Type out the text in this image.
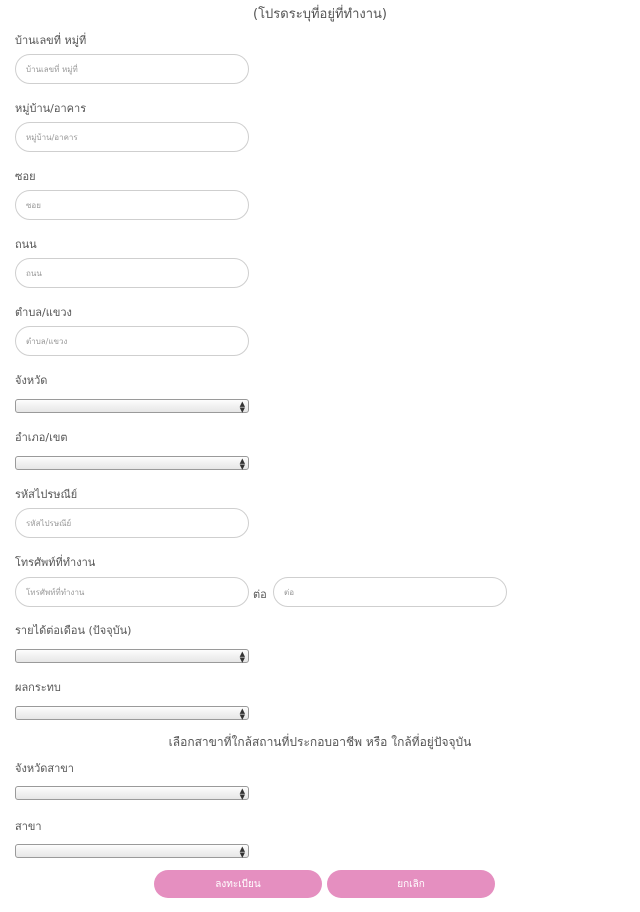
(โปรดระบุที่อยู่ที่ทำงาน)
บ้านเลขที่ หมู่ที่
บ้านเลขที่ หมู่ที่
หมู่บ้าน/อาคาร
หมู่บ้าน/อาคาร
ซอย
ซอย
ถนน
ถนน
ตำบล/แขวง
ตำบล/แขวง
จังหวัด
▲
▼
อำเภอ/เขต
▲
▼
รหัสไปรษณีย์
รหัสไปรษณีย์
โทรศัพท์ที่ทำงาน
โทรศัพท์ที่ทำงาน
ต่อ
ต่อ
รายได้ต่อเดือน (ปัจจุบัน)
▲
▼
ผลกระทบ
▲
▼
เลือกสาขาที่ใกล้สถานที่ประกอบอาชีพ หรือ ใกล้ที่อยู่ปัจจุบัน
จังหวัดสาขา
▲
▼
สาขา
▲
▼
ลงทะเบียน	ยกเลิก
